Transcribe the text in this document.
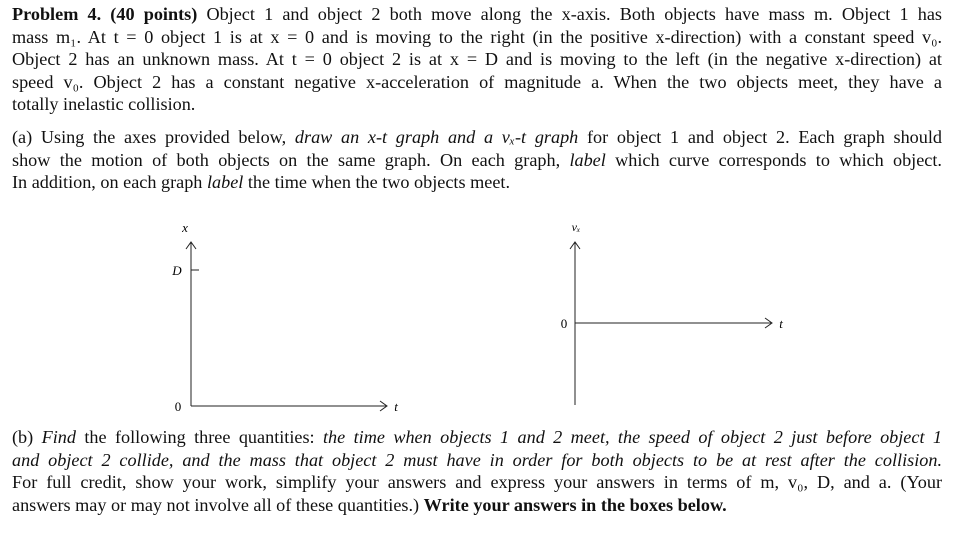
Problem 4. (40 points) Object 1 and object 2 both move along the x-axis. Both objects have mass m. Object 1 has
mass m₁. At t = 0 object 1 is at x = 0 and is moving to the right (in the positive x-direction) with a constant speed v₀.
Object 2 has an unknown mass. At t = 0 object 2 is at x = D and is moving to the left (in the negative x-direction) at
speed v₀. Object 2 has a constant negative x-acceleration of magnitude a. When the two objects meet, they have a
totally inelastic collision.
(a) Using the axes provided below, draw an x-t graph and a vₓ-t graph for object 1 and object 2. Each graph should
show the motion of both objects on the same graph. On each graph, label which curve corresponds to which object.
In addition, on each graph label the time when the two objects meet.
x
D
t
0
vₓ
t
0
(b) Find the following three quantities: the time when objects 1 and 2 meet, the speed of object 2 just before object 1
and object 2 collide, and the mass that object 2 must have in order for both objects to be at rest after the collision.
For full credit, show your work, simplify your answers and express your answers in terms of m, v₀, D, and a. (Your
answers may or may not involve all of these quantities.) Write your answers in the boxes below.
